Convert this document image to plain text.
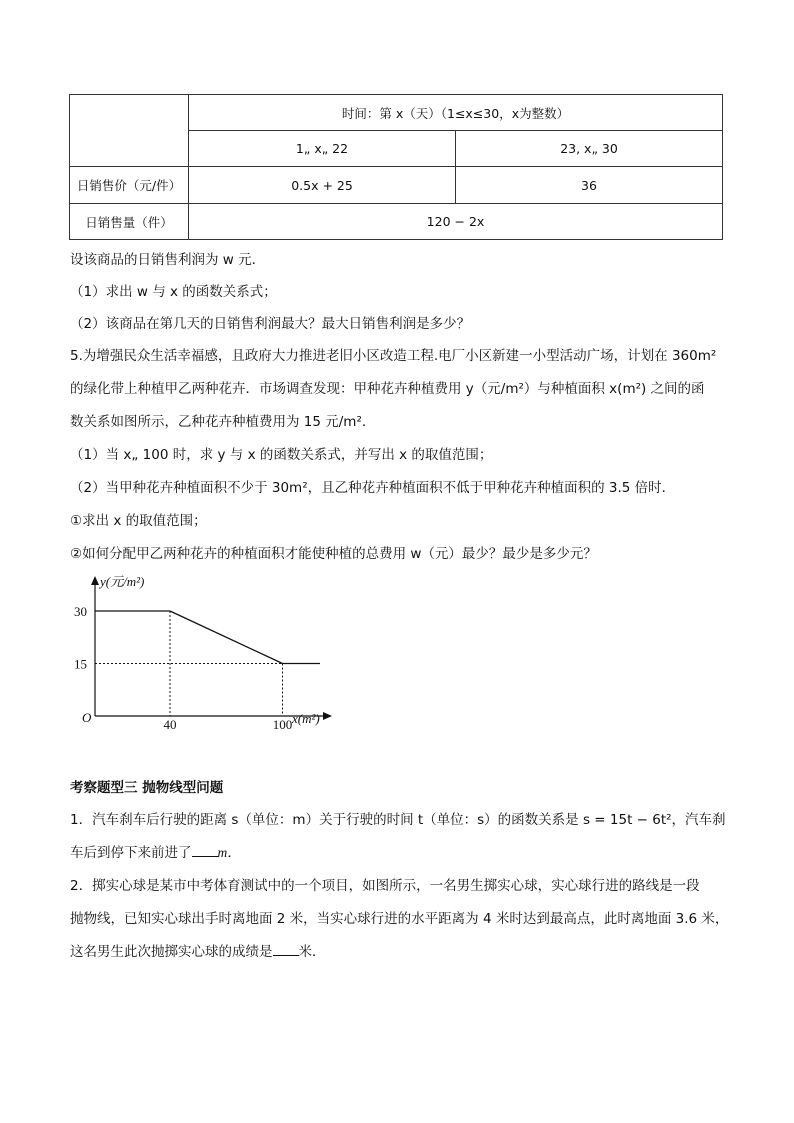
	时间：第 x（天）（1≤x≤30，x为整数）	
	1„ x„ 22	23, x„ 30
日销售价（元/件）	0.5x + 25	36
日销售量（件）	120 − 2x	
设该商品的日销售利润为 w 元．
（1）求出 w 与 x 的函数关系式；
（2）该商品在第几天的日销售利润最大？最大日销售利润是多少？
5.为增强民众生活幸福感，且政府大力推进老旧小区改造工程.电厂小区新建一小型活动广场，计划在 360m²
的绿化带上种植甲乙两种花卉．市场调查发现：甲种花卉种植费用 y（元/m²）与种植面积 x(m²) 之间的函
数关系如图所示，乙种花卉种植费用为 15 元/m²．
（1）当 x„ 100 时，求 y 与 x 的函数关系式，并写出 x 的取值范围；
（2）当甲种花卉种植面积不少于 30m²，且乙种花卉种植面积不低于甲种花卉种植面积的 3.5 倍时．
①求出 x 的取值范围；
②如何分配甲乙两种花卉的种植面积才能使种植的总费用 w（元）最少？最少是多少元？
40	100
30
15
y(元/m²)
x(m²)
O
考察题型三 抛物线型问题
1．汽车刹车后行驶的距离 s（单位：m）关于行驶的时间 t（单位：s）的函数关系是 s = 15t − 6t²，汽车刹
车后到停下来前进了 m．
2．掷实心球是某市中考体育测试中的一个项目，如图所示，一名男生掷实心球，实心球行进的路线是一段
抛物线，已知实心球出手时离地面 2 米，当实心球行进的水平距离为 4 米时达到最高点，此时离地面 3.6 米，
这名男生此次抛掷实心球的成绩是 米．
